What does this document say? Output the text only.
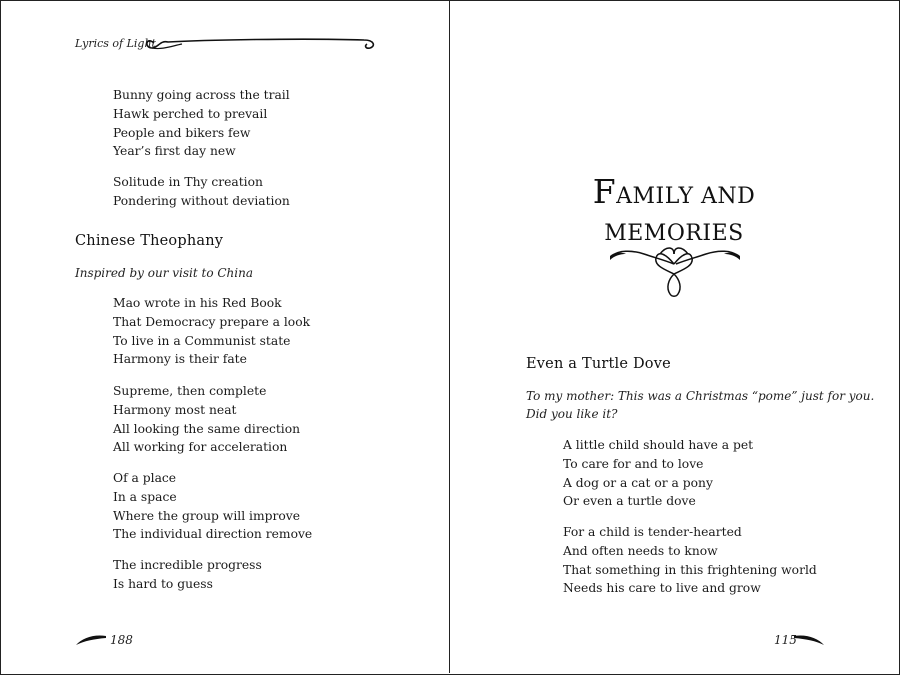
Lyrics of Light
Bunny going across the trail
Hawk perched to prevail
People and bikers few
Year’s first day new
Solitude in Thy creation
Pondering without deviation
Chinese Theophany
Inspired by our visit to China
Mao wrote in his Red Book
That Democracy prepare a look
To live in a Communist state
Harmony is their fate
Supreme, then complete
Harmony most neat
All looking the same direction
All working for acceleration
Of a place
In a space
Where the group will improve
The individual direction remove
The incredible progress
Is hard to guess
188
FAMILY AND
MEMORIES
Even a Turtle Dove
To my mother: This was a Christmas “pome” just for you.
Did you like it?
A little child should have a pet
To care for and to love
A dog or a cat or a pony
Or even a turtle dove
For a child is tender-hearted
And often needs to know
That something in this frightening world
Needs his care to live and grow
115
